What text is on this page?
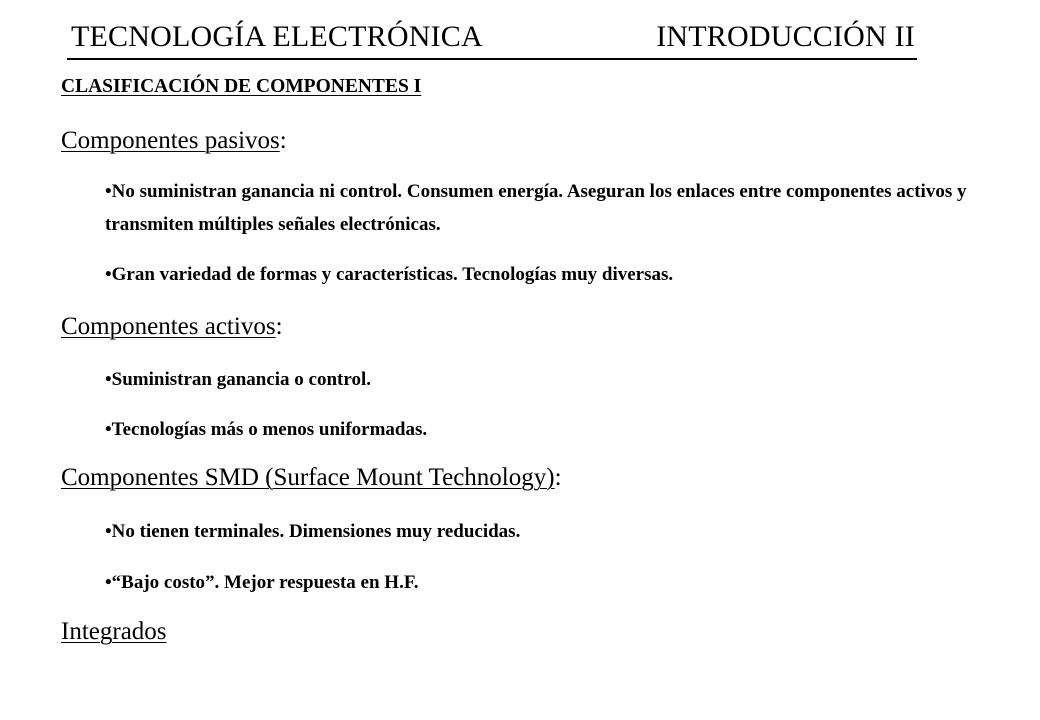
TECNOLOGÍA ELECTRÓNICA	INTRODUCCIÓN II
CLASIFICACIÓN DE COMPONENTES I
Componentes pasivos:
•No suministran ganancia ni control. Consumen energía. Aseguran los enlaces entre componentes activos y transmiten múltiples señales electrónicas.
•Gran variedad de formas y características. Tecnologías muy diversas.
Componentes activos:
•Suministran ganancia o control.
•Tecnologías más o menos uniformadas.
Componentes SMD (Surface Mount Technology):
•No tienen terminales. Dimensiones muy reducidas.
•“Bajo costo”. Mejor respuesta en H.F.
Integrados
